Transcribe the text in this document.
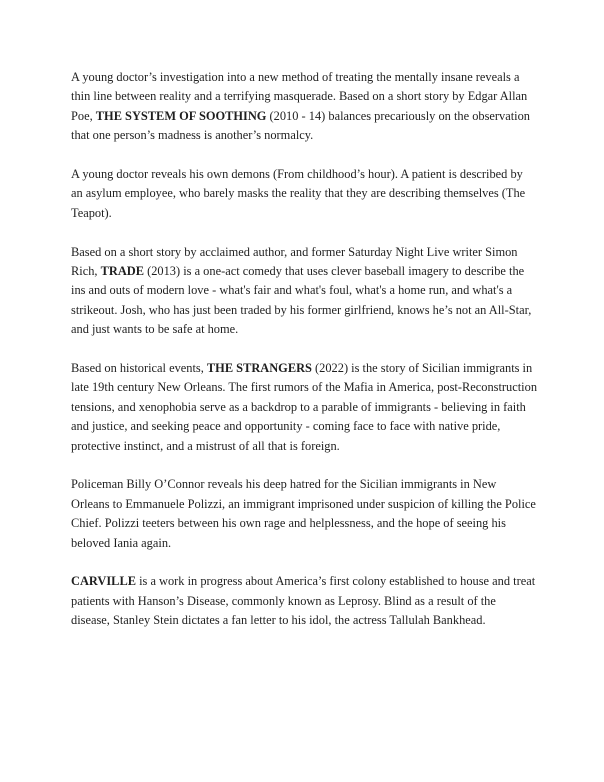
A young doctor’s investigation into a new method of treating the mentally insane reveals a thin line between reality and a terrifying masquerade. Based on a short story by Edgar Allan Poe, THE SYSTEM OF SOOTHING (2010 - 14) balances precariously on the observation that one person’s madness is another’s normalcy.

A young doctor reveals his own demons (From childhood’s hour). A patient is described by an asylum employee, who barely masks the reality that they are describing themselves (The Teapot).

Based on a short story by acclaimed author, and former Saturday Night Live writer Simon Rich, TRADE (2013) is a one-act comedy that uses clever baseball imagery to describe the ins and outs of modern love - what's fair and what's foul, what's a home run, and what's a strikeout. Josh, who has just been traded by his former girlfriend, knows he’s not an All-Star, and just wants to be safe at home.

Based on historical events, THE STRANGERS (2022) is the story of Sicilian immigrants in late 19th century New Orleans. The first rumors of the Mafia in America, post-Reconstruction tensions, and xenophobia serve as a backdrop to a parable of immigrants - believing in faith and justice, and seeking peace and opportunity - coming face to face with native pride, protective instinct, and a mistrust of all that is foreign.

Policeman Billy O’Connor reveals his deep hatred for the Sicilian immigrants in New Orleans to Emmanuele Polizzi, an immigrant imprisoned under suspicion of killing the Police Chief. Polizzi teeters between his own rage and helplessness, and the hope of seeing his beloved Iania again.

CARVILLE is a work in progress about America’s first colony established to house and treat patients with Hanson’s Disease, commonly known as Leprosy. Blind as a result of the disease, Stanley Stein dictates a fan letter to his idol, the actress Tallulah Bankhead.
